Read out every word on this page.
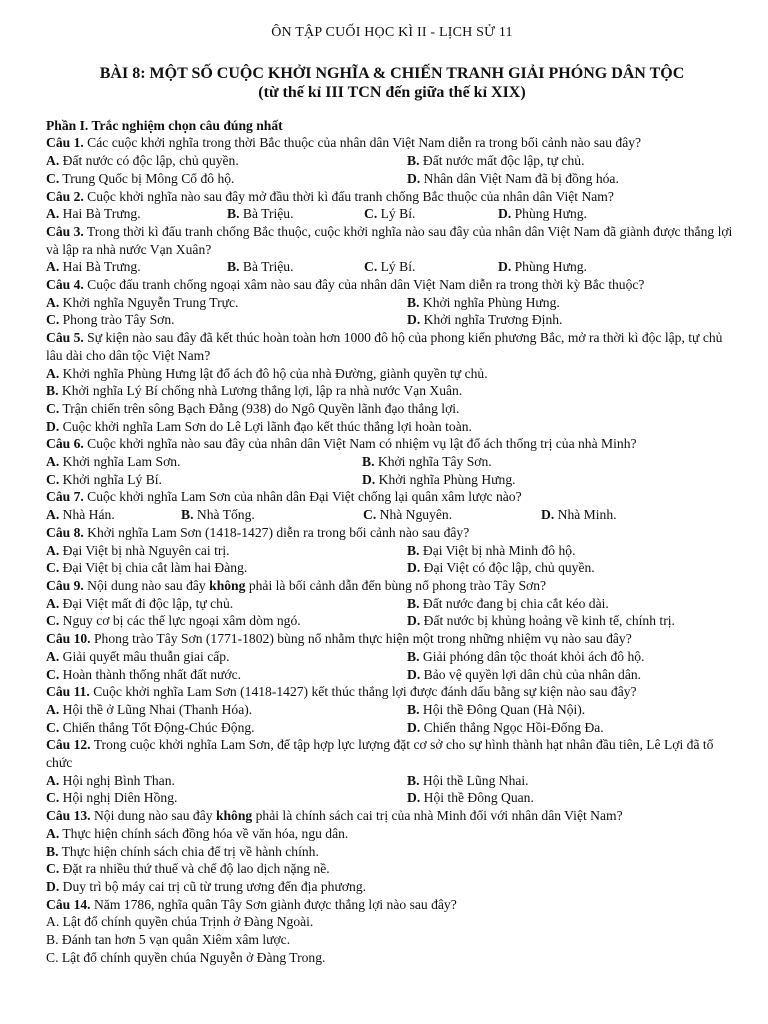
ÔN TẬP CUỐI HỌC KÌ II - LỊCH SỬ 11
BÀI 8: MỘT SỐ CUỘC KHỞI NGHĨA & CHIẾN TRANH GIẢI PHÓNG DÂN TỘC
(từ thế kỉ III TCN đến giữa thế kỉ XIX)
Phần I. Trắc nghiệm chọn câu đúng nhất
Câu 1. Các cuộc khởi nghĩa trong thời Bắc thuộc của nhân dân Việt Nam diễn ra trong bối cảnh nào sau đây?
A. Đất nước có độc lập, chủ quyền.	B. Đất nước mất độc lập, tự chủ.
C. Trung Quốc bị Mông Cổ đô hộ.	D. Nhân dân Việt Nam đã bị đồng hóa.
Câu 2. Cuộc khởi nghĩa nào sau đây mở đầu thời kì đấu tranh chống Bắc thuộc của nhân dân Việt Nam?
A. Hai Bà Trưng.	B. Bà Triệu.	C. Lý Bí.	D. Phùng Hưng.
Câu 3. Trong thời kì đấu tranh chống Bắc thuộc, cuộc khởi nghĩa nào sau đây của nhân dân Việt Nam đã giành được thắng lợi và lập ra nhà nước Vạn Xuân?
A. Hai Bà Trưng.	B. Bà Triệu.	C. Lý Bí.	D. Phùng Hưng.
Câu 4. Cuộc đấu tranh chống ngoại xâm nào sau đây của nhân dân Việt Nam diễn ra trong thời kỳ Bắc thuộc?
A. Khởi nghĩa Nguyễn Trung Trực.	B. Khởi nghĩa Phùng Hưng.
C. Phong trào Tây Sơn.	D. Khởi nghĩa Trương Định.
Câu 5. Sự kiện nào sau đây đã kết thúc hoàn toàn hơn 1000 đô hộ của phong kiến phương Bắc, mở ra thời kì độc lập, tự chủ lâu dài cho dân tộc Việt Nam?
A. Khởi nghĩa Phùng Hưng lật đổ ách đô hộ của nhà Đường, giành quyền tự chủ.
B. Khởi nghĩa Lý Bí chống nhà Lương thắng lợi, lập ra nhà nước Vạn Xuân.
C. Trận chiến trên sông Bạch Đằng (938) do Ngô Quyền lãnh đạo thắng lợi.
D. Cuộc khởi nghĩa Lam Sơn do Lê Lợi lãnh đạo kết thúc thắng lợi hoàn toàn.
Câu 6. Cuộc khởi nghĩa nào sau đây của nhân dân Việt Nam có nhiệm vụ lật đổ ách thống trị của nhà Minh?
A. Khởi nghĩa Lam Sơn.	B. Khởi nghĩa Tây Sơn.
C. Khởi nghĩa Lý Bí.	D. Khởi nghĩa Phùng Hưng.
Câu 7. Cuộc khởi nghĩa Lam Sơn của nhân dân Đại Việt chống lại quân xâm lược nào?
A. Nhà Hán.	B. Nhà Tống.	C. Nhà Nguyên.	D. Nhà Minh.
Câu 8. Khởi nghĩa Lam Sơn (1418-1427) diễn ra trong bối cảnh nào sau đây?
A. Đại Việt bị nhà Nguyên cai trị.	B. Đại Việt bị nhà Minh đô hộ.
C. Đại Việt bị chia cắt làm hai Đàng.	D. Đại Việt có độc lập, chủ quyền.
Câu 9. Nội dung nào sau đây không phải là bối cảnh dẫn đến bùng nổ phong trào Tây Sơn?
A. Đại Việt mất đi độc lập, tự chủ.	B. Đất nước đang bị chia cắt kéo dài.
C. Nguy cơ bị các thế lực ngoại xâm dòm ngó.	D. Đất nước bị khủng hoảng về kinh tế, chính trị.
Câu 10. Phong trào Tây Sơn (1771-1802) bùng nổ nhằm thực hiện một trong những nhiệm vụ nào sau đây?
A. Giải quyết mâu thuẫn giai cấp.	B. Giải phóng dân tộc thoát khỏi ách đô hộ.
C. Hoàn thành thống nhất đất nước.	D. Bảo vệ quyền lợi dân chủ của nhân dân.
Câu 11. Cuộc khởi nghĩa Lam Sơn (1418-1427) kết thúc thắng lợi được đánh dấu bằng sự kiện nào sau đây?
A. Hội thề ở Lũng Nhai (Thanh Hóa).	B. Hội thề Đông Quan (Hà Nội).
C. Chiến thắng Tốt Động-Chúc Động.	D. Chiến thắng Ngọc Hồi-Đống Đa.
Câu 12. Trong cuộc khởi nghĩa Lam Sơn, để tập hợp lực lượng đặt cơ sở cho sự hình thành hạt nhân đầu tiên, Lê Lợi đã tổ chức
A. Hội nghị Bình Than.	B. Hội thề Lũng Nhai.
C. Hội nghị Diên Hồng.	D. Hội thề Đông Quan.
Câu 13. Nội dung nào sau đây không phải là chính sách cai trị của nhà Minh đối với nhân dân Việt Nam?
A. Thực hiện chính sách đồng hóa về văn hóa, ngu dân.
B. Thực hiện chính sách chia để trị về hành chính.
C. Đặt ra nhiều thứ thuế và chế độ lao dịch nặng nề.
D. Duy trì bộ máy cai trị cũ từ trung ương đến địa phương.
Câu 14. Năm 1786, nghĩa quân Tây Sơn giành được thắng lợi nào sau đây?
A. Lật đổ chính quyền chúa Trịnh ở Đàng Ngoài.
B. Đánh tan hơn 5 vạn quân Xiêm xâm lược.
C. Lật đổ chính quyền chúa Nguyễn ở Đàng Trong.
